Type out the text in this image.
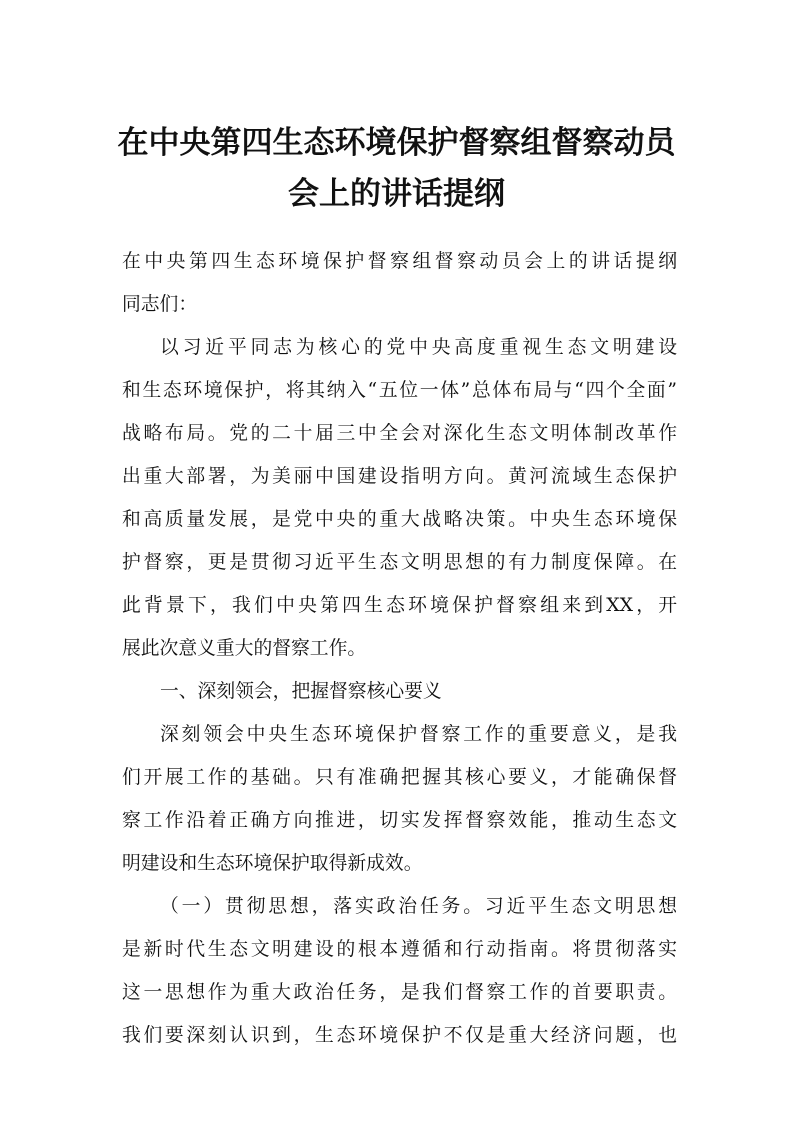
在中央第四生态环境保护督察组督察动员
会上的讲话提纲
在中央第四生态环境保护督察组督察动员会上的讲话提纲
同志们：
以习近平同志为核心的党中央高度重视生态文明建设
和生态环境保护，将其纳入“五位一体”总体布局与“四个全面”
战略布局。党的二十届三中全会对深化生态文明体制改革作
出重大部署，为美丽中国建设指明方向。黄河流域生态保护
和高质量发展，是党中央的重大战略决策。中央生态环境保
护督察，更是贯彻习近平生态文明思想的有力制度保障。在
此背景下，我们中央第四生态环境保护督察组来到XX，开
展此次意义重大的督察工作。
一、深刻领会，把握督察核心要义
深刻领会中央生态环境保护督察工作的重要意义，是我
们开展工作的基础。只有准确把握其核心要义，才能确保督
察工作沿着正确方向推进，切实发挥督察效能，推动生态文
明建设和生态环境保护取得新成效。
（一）贯彻思想，落实政治任务。习近平生态文明思想
是新时代生态文明建设的根本遵循和行动指南。将贯彻落实
这一思想作为重大政治任务，是我们督察工作的首要职责。
我们要深刻认识到，生态环境保护不仅是重大经济问题，也
